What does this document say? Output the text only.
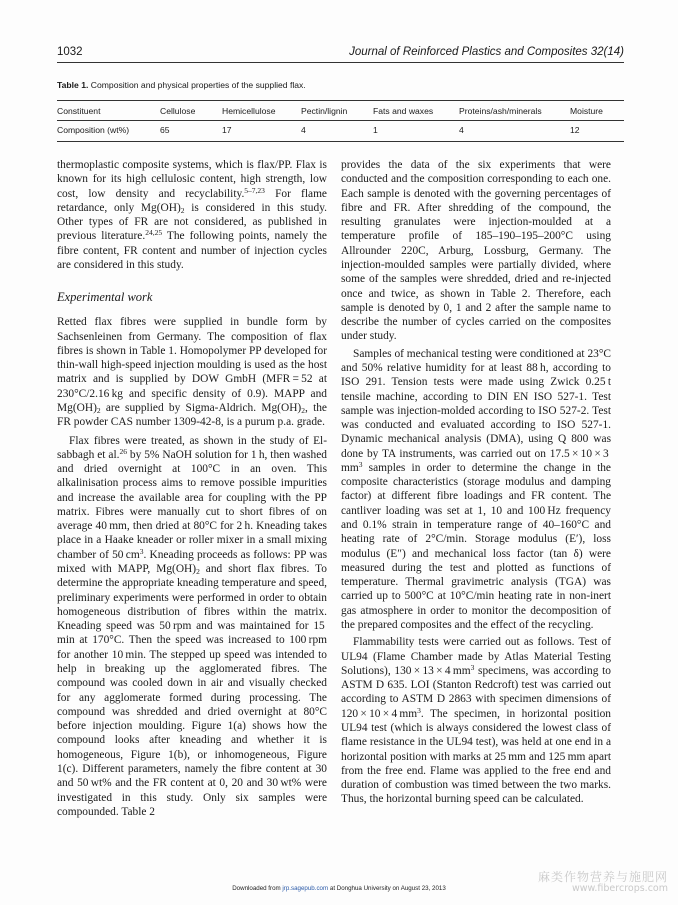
1032	Journal of Reinforced Plastics and Composites 32(14)
Table 1. Composition and physical properties of the supplied flax.
Constituent	Cellulose	Hemicellulose	Pectin/lignin	Fats and waxes	Proteins/ash/minerals	Moisture
Composition (wt%)	65	17	4	1	4	12

thermoplastic composite systems, which is flax/PP. Flax is known for its high cellulosic content, high strength, low cost, low density and recyclability.$^{5-7,23}$ For flame retardance, only $Mg(OH)_2$ is considered in this study. Other types of FR are not considered, as published in previous literature.$^{24,25}$ The following points, namely the fibre content, FR content and number of injection cycles are considered in this study.

Experimental work

Retted flax fibres were supplied in bundle form by Sachsenleinen from Germany. The composition of flax fibres is shown in Table 1. Homopolymer PP developed for thin-wall high-speed injection moulding is used as the host matrix and is supplied by DOW GmbH (MFR = 52 at 230°C/2.16 kg and specific density of 0.9). MAPP and $Mg(OH)_2$ are supplied by Sigma-Aldrich. $Mg(OH)_2$, the FR powder CAS number 1309-42-8, is a purum p.a. grade.

Flax fibres were treated, as shown in the study of El-sabbagh et al.$^{26}$ by 5% NaOH solution for 1 h, then washed and dried overnight at 100°C in an oven. This alkalinisation process aims to remove possible impurities and increase the available area for coupling with the PP matrix. Fibres were manually cut to short fibres of on average 40 mm, then dried at 80°C for 2 h. Kneading takes place in a Haake kneader or roller mixer in a small mixing chamber of 50 $cm^3$. Kneading proceeds as follows: PP was mixed with MAPP, $Mg(OH)_2$ and short flax fibres. To determine the appropriate kneading temperature and speed, preliminary experiments were performed in order to obtain homogeneous distribution of fibres within the matrix. Kneading speed was 50 rpm and was maintained for 15 min at 170°C. Then the speed was increased to 100 rpm for another 10 min. The stepped up speed was intended to help in breaking up the agglomerated fibres. The compound was cooled down in air and visually checked for any agglomerate formed during processing. The compound was shredded and dried overnight at 80°C before injection moulding. Figure 1(a) shows how the compound looks after kneading and whether it is homogeneous, Figure 1(b), or inhomogeneous, Figure 1(c). Different parameters, namely the fibre content at 30 and 50 wt% and the FR content at 0, 20 and 30 wt% were investigated in this study. Only six samples were compounded. Table 2

provides the data of the six experiments that were conducted and the composition corresponding to each one. Each sample is denoted with the governing percentages of fibre and FR. After shredding of the compound, the resulting granulates were injection-moulded at a temperature profile of 185–190–195–200°C using Allrounder 220C, Arburg, Lossburg, Germany. The injection-moulded samples were partially divided, where some of the samples were shredded, dried and re-injected once and twice, as shown in Table 2. Therefore, each sample is denoted by 0, 1 and 2 after the sample name to describe the number of cycles carried on the composites under study.

Samples of mechanical testing were conditioned at 23°C and 50% relative humidity for at least 88 h, according to ISO 291. Tension tests were made using Zwick 0.25 t tensile machine, according to DIN EN ISO 527-1. Test sample was injection-molded according to ISO 527-2. Test was conducted and evaluated according to ISO 527-1. Dynamic mechanical analysis (DMA), using Q 800 was done by TA instruments, was carried out on 17.5 × 10 × 3 $mm^3$ samples in order to determine the change in the composite characteristics (storage modulus and damping factor) at different fibre loadings and FR content. The cantliver loading was set at 1, 10 and 100 Hz frequency and 0.1% strain in temperature range of 40–160°C and heating rate of 2°C/min. Storage modulus (E′), loss modulus (E″) and mechanical loss factor (tan δ) were measured during the test and plotted as functions of temperature. Thermal gravimetric analysis (TGA) was carried up to 500°C at 10°C/min heating rate in non-inert gas atmosphere in order to monitor the decomposition of the prepared composites and the effect of the recycling.

Flammability tests were carried out as follows. Test of UL94 (Flame Chamber made by Atlas Material Testing Solutions), 130 × 13 × 4 $mm^3$ specimens, was according to ASTM D 635. LOI (Stanton Redcroft) test was carried out according to ASTM D 2863 with specimen dimensions of 120 × 10 × 4 $mm^3$. The specimen, in horizontal position UL94 test (which is always considered the lowest class of flame resistance in the UL94 test), was held at one end in a horizontal position with marks at 25 mm and 125 mm apart from the free end. Flame was applied to the free end and duration of combustion was timed between the two marks. Thus, the horizontal burning speed can be calculated.

Downloaded from jrp.sagepub.com at Donghua University on August 23, 2013
麻类作物营养与施肥网
www.fibercrops.com
